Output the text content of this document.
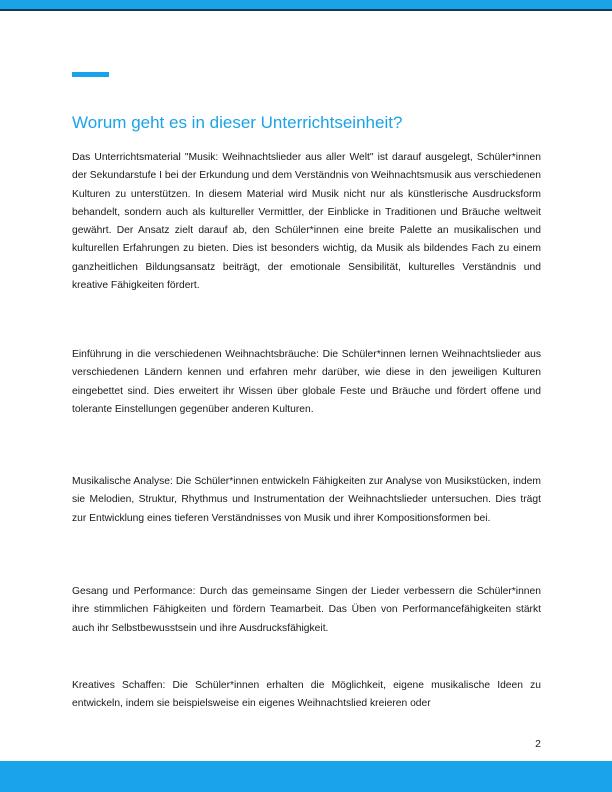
Worum geht es in dieser Unterrichtseinheit?

Das Unterrichtsmaterial "Musik: Weihnachtslieder aus aller Welt" ist darauf ausgelegt, Schüler*innen der Sekundarstufe I bei der Erkundung und dem Verständnis von Weihnachtsmusik aus verschiedenen Kulturen zu unterstützen. In diesem Material wird Musik nicht nur als künstlerische Ausdrucksform behandelt, sondern auch als kultureller Vermittler, der Einblicke in Traditionen und Bräuche weltweit gewährt. Der Ansatz zielt darauf ab, den Schüler*innen eine breite Palette an musikalischen und kulturellen Erfahrungen zu bieten. Dies ist besonders wichtig, da Musik als bildendes Fach zu einem ganzheitlichen Bildungsansatz beiträgt, der emotionale Sensibilität, kulturelles Verständnis und kreative Fähigkeiten fördert.

Einführung in die verschiedenen Weihnachtsbräuche: Die Schüler*innen lernen Weihnachtslieder aus verschiedenen Ländern kennen und erfahren mehr darüber, wie diese in den jeweiligen Kulturen eingebettet sind. Dies erweitert ihr Wissen über globale Feste und Bräuche und fördert offene und tolerante Einstellungen gegenüber anderen Kulturen.

Musikalische Analyse: Die Schüler*innen entwickeln Fähigkeiten zur Analyse von Musikstücken, indem sie Melodien, Struktur, Rhythmus und Instrumentation der Weihnachtslieder untersuchen. Dies trägt zur Entwicklung eines tieferen Verständnisses von Musik und ihrer Kompositionsformen bei.

Gesang und Performance: Durch das gemeinsame Singen der Lieder verbessern die Schüler*innen ihre stimmlichen Fähigkeiten und fördern Teamarbeit. Das Üben von Performancefähigkeiten stärkt auch ihr Selbstbewusstsein und ihre Ausdrucksfähigkeit.

Kreatives Schaffen: Die Schüler*innen erhalten die Möglichkeit, eigene musikalische Ideen zu entwickeln, indem sie beispielsweise ein eigenes Weihnachtslied kreieren oder

2
